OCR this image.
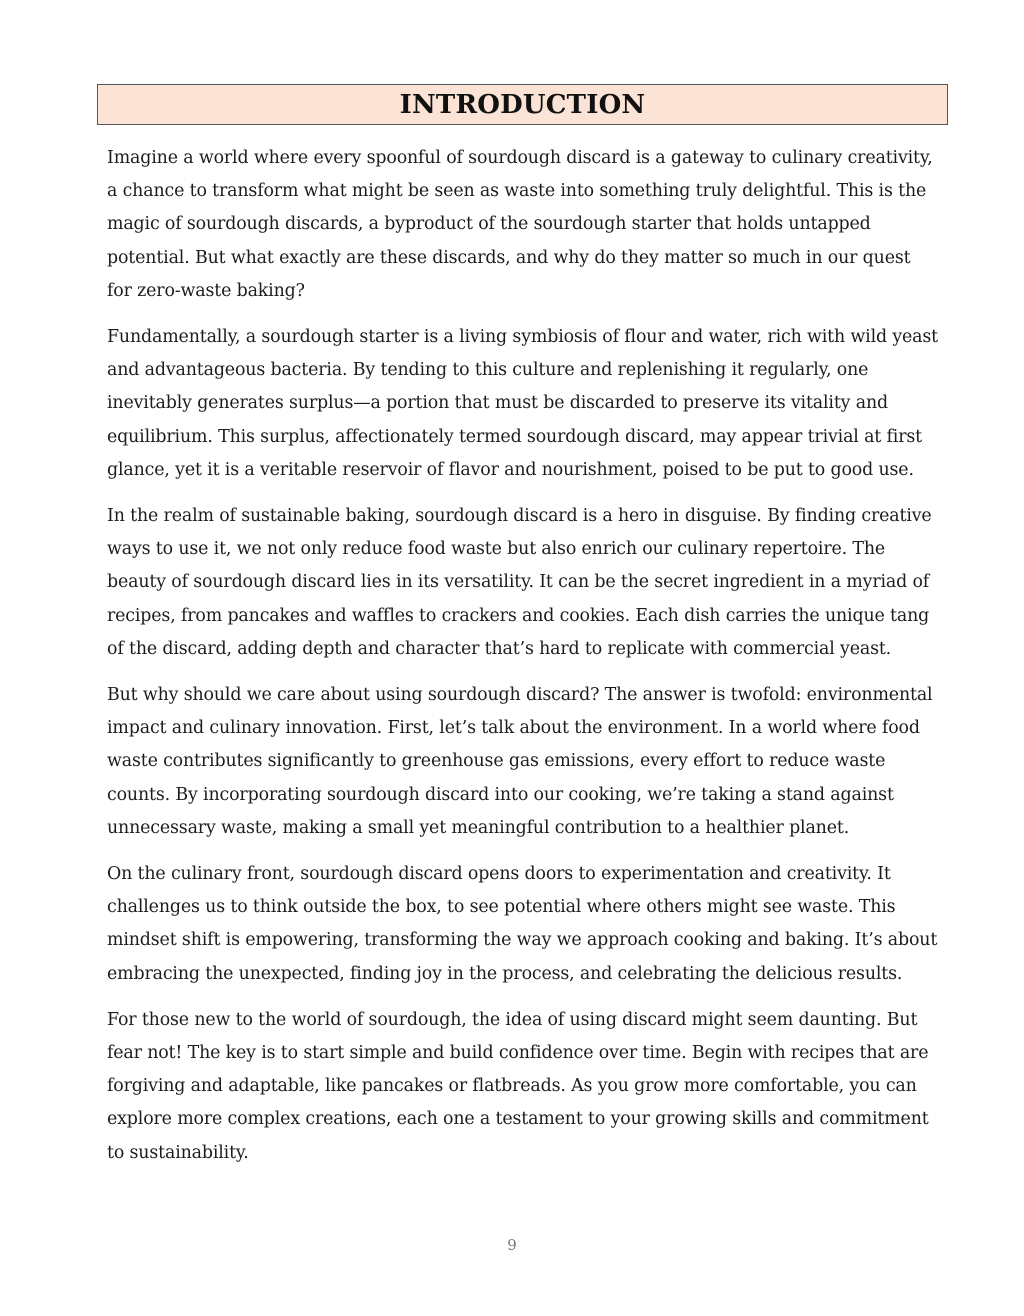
INTRODUCTION

Imagine a world where every spoonful of sourdough discard is a gateway to culinary creativity, a chance to transform what might be seen as waste into something truly delightful. This is the magic of sourdough discards, a byproduct of the sourdough starter that holds untapped potential. But what exactly are these discards, and why do they matter so much in our quest for zero-waste baking?

Fundamentally, a sourdough starter is a living symbiosis of flour and water, rich with wild yeast and advantageous bacteria. By tending to this culture and replenishing it regularly, one inevitably generates surplus—a portion that must be discarded to preserve its vitality and equilibrium. This surplus, affectionately termed sourdough discard, may appear trivial at first glance, yet it is a veritable reservoir of flavor and nourishment, poised to be put to good use.

In the realm of sustainable baking, sourdough discard is a hero in disguise. By finding creative ways to use it, we not only reduce food waste but also enrich our culinary repertoire. The beauty of sourdough discard lies in its versatility. It can be the secret ingredient in a myriad of recipes, from pancakes and waffles to crackers and cookies. Each dish carries the unique tang of the discard, adding depth and character that’s hard to replicate with commercial yeast.

But why should we care about using sourdough discard? The answer is twofold: environmental impact and culinary innovation. First, let’s talk about the environment. In a world where food waste contributes significantly to greenhouse gas emissions, every effort to reduce waste counts. By incorporating sourdough discard into our cooking, we’re taking a stand against unnecessary waste, making a small yet meaningful contribution to a healthier planet.

On the culinary front, sourdough discard opens doors to experimentation and creativity. It challenges us to think outside the box, to see potential where others might see waste. This mindset shift is empowering, transforming the way we approach cooking and baking. It’s about embracing the unexpected, finding joy in the process, and celebrating the delicious results.

For those new to the world of sourdough, the idea of using discard might seem daunting. But fear not! The key is to start simple and build confidence over time. Begin with recipes that are forgiving and adaptable, like pancakes or flatbreads. As you grow more comfortable, you can explore more complex creations, each one a testament to your growing skills and commitment to sustainability.

9
